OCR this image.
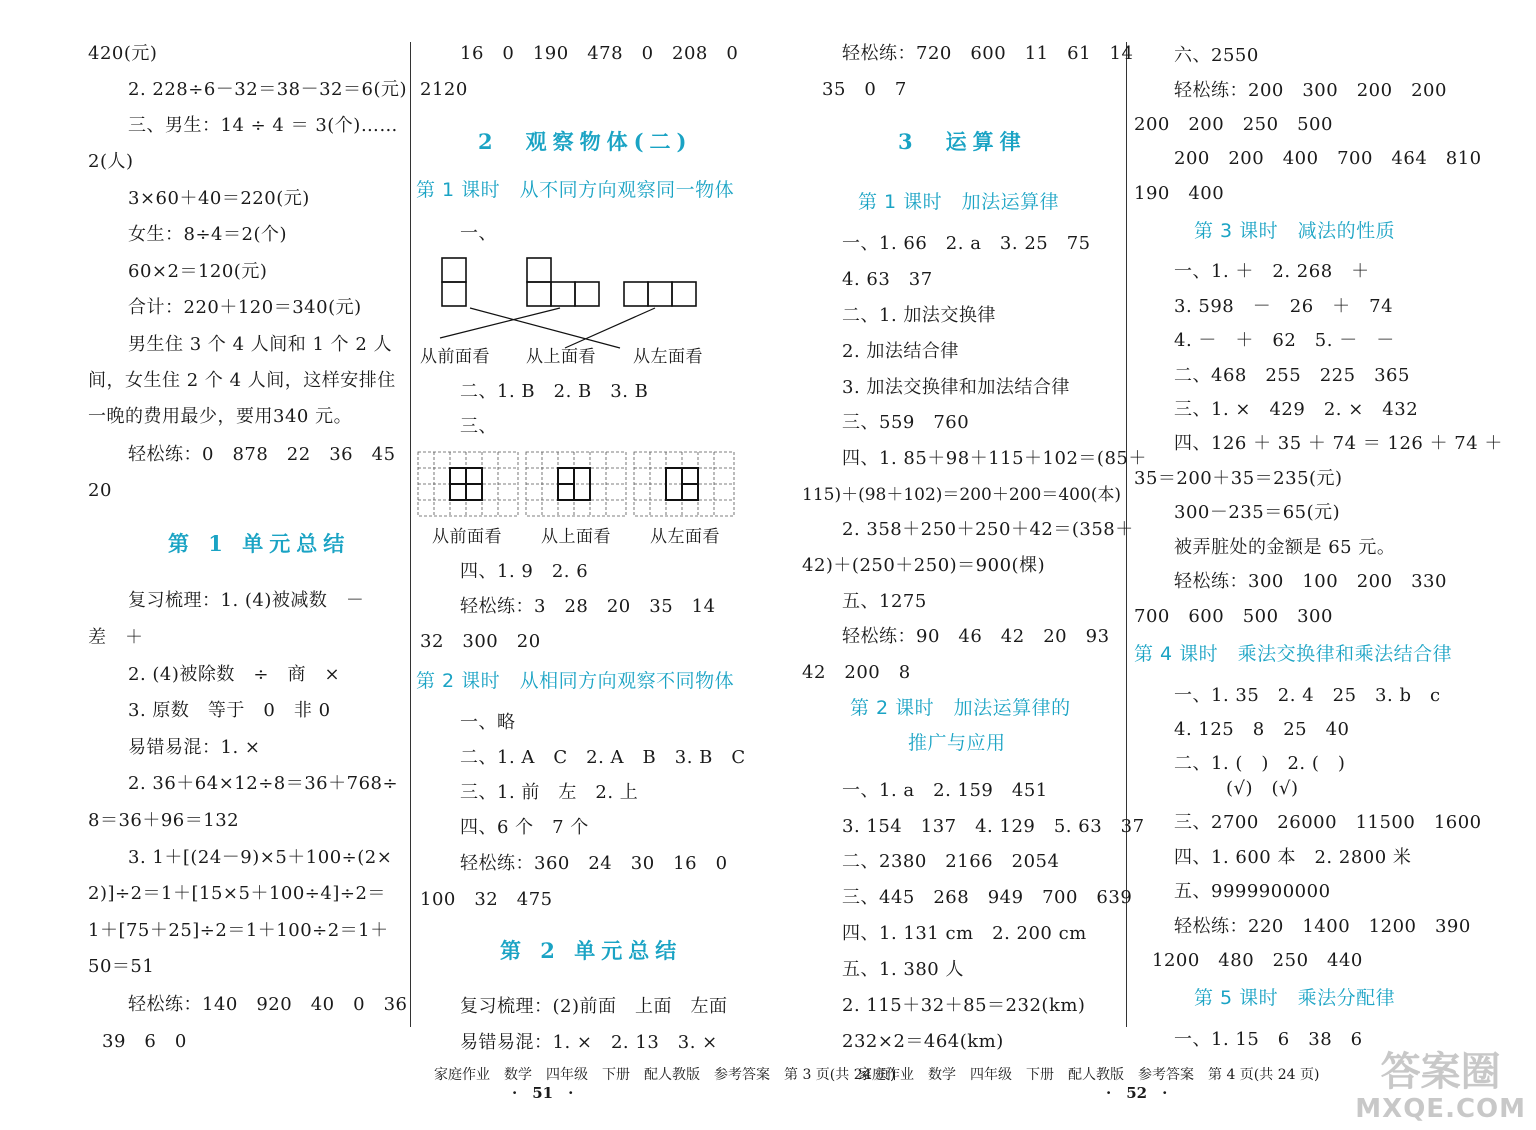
420(元)
2. 228÷6－32＝38－32＝6(元)
三、男生：14 ÷ 4 ＝ 3(个)……
2(人)
3×60＋40＝220(元)
女生：8÷4＝2(个)
60×2＝120(元)
合计：220＋120＝340(元)
男生住 3 个 4 人间和 1 个 2 人
间，女生住 2 个 4 人间，这样安排住
一晚的费用最少，要用340 元。
轻松练：0　878　22　36　45
20
第 1 单元总结
复习梳理：1. (4)被减数　－
差　＋
2. (4)被除数　÷　商　×
3. 原数　等于　0　非 0
易错易混：1. ×
2. 36＋64×12÷8＝36＋768÷
8＝36＋96＝132
3. 1＋[(24－9)×5＋100÷(2×
2)]÷2＝1＋[15×5＋100÷4]÷2＝
1＋[75＋25]÷2＝1＋100÷2＝1＋
50＝51
轻松练：140　920　40　0　36
39　6　0
16　0　190　478　0　208　0
2120
2　观察物体(二)
第 1 课时　从不同方向观察同一物体
一、
从前面看 从上面看 从左面看
二、1. B　2. B　3. B
三、
从前面看 从上面看 从左面看
四、1. 9　2. 6
轻松练：3　28　20　35　14
32　300　20
第 2 课时　从相同方向观察不同物体
一、略
二、1. A　C　2. A　B　3. B　C
三、1. 前　左　2. 上
四、6 个　7 个
轻松练：360　24　30　16　0
100　32　475
第 2 单元总结
复习梳理：(2)前面　上面　左面
易错易混：1. ×　2. 13　3. ×
轻松练：720　600　11　61　14
35　0　7
3　运算律
第 1 课时　加法运算律
一、1. 66　2. a　3. 25　75
4. 63　37
二、1. 加法交换律
2. 加法结合律
3. 加法交换律和加法结合律
三、559　760
四、1. 85＋98＋115＋102＝(85＋
115)＋(98＋102)＝200＋200＝400(本)
2. 358＋250＋250＋42＝(358＋
42)＋(250＋250)＝900(棵)
五、1275
轻松练：90　46　42　20　93
42　200　8
第 2 课时　加法运算律的
推广与应用
一、1. a　2. 159　451
3. 154　137　4. 129　5. 63　37
二、2380　2166　2054
三、445　268　949　700　639
四、1. 131 cm　2. 200 cm
五、1. 380 人
2. 115＋32＋85＝232(km)
232×2＝464(km)
六、2550
轻松练：200　300　200　200
200　200　250　500
200　200　400　700　464　810
190　400
第 3 课时　减法的性质
一、1. ＋　2. 268　＋
3. 598　－　26　＋　74
4. －　＋　62　5. －　－
二、468　255　225　365
三、1. ×　429　2. ×　432
四、126 ＋ 35 ＋ 74 ＝ 126 ＋ 74 ＋
35＝200＋35＝235(元)
300－235＝65(元)
被弄脏处的金额是 65 元。
轻松练：300　100　200　330
700　600　500　300
第 4 课时　乘法交换律和乘法结合律
一、1. 35　2. 4　25　3. b　c
4. 125　8　25　40
二、1. (　)　2. (　)
(√)　(√)
三、2700　26000　11500　1600
四、1. 600 本　2. 2800 米
五、9999900000
轻松练：220　1400　1200　390
1200　480　250　440
第 5 课时　乘法分配律
一、1. 15　6　38　6
家庭作业　数学　四年级　下册　配人教版　参考答案　第 3 页(共 24 页)
·　51　·
家庭作业　数学　四年级　下册　配人教版　参考答案　第 4 页(共 24 页)
·　52　·	答案圈
MXQE.COM
